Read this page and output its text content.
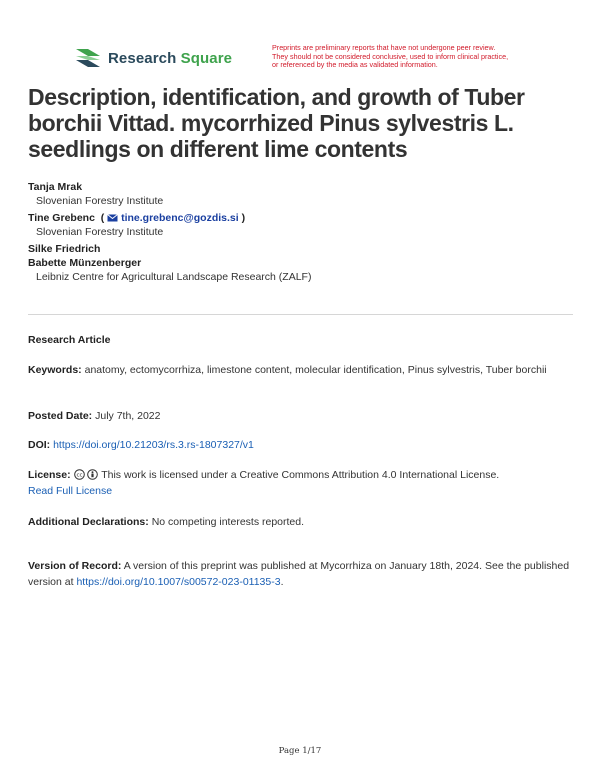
Research Square
Preprints are preliminary reports that have not undergone peer review.
They should not be considered conclusive, used to inform clinical practice,
or referenced by the media as validated information.
Description, identification, and growth of Tuber
borchii Vittad. mycorrhized Pinus sylvestris L.
seedlings on different lime contents
Tanja Mrak
Slovenian Forestry Institute
Tine Grebenc  (  tine.grebenc@gozdis.si )
Slovenian Forestry Institute
Silke Friedrich
Babette Münzenberger
Leibniz Centre for Agricultural Landscape Research (ZALF)
Research Article
Keywords: anatomy, ectomycorrhiza, limestone content, molecular identification, Pinus sylvestris, Tuber borchii
Posted Date: July 7th, 2022
DOI: https://doi.org/10.21203/rs.3.rs-1807327/v1
License: cc This work is licensed under a Creative Commons Attribution 4.0 International License.
Read Full License
Additional Declarations: No competing interests reported.
Version of Record: A version of this preprint was published at Mycorrhiza on January 18th, 2024. See the published version at https://doi.org/10.1007/s00572-023-01135-3.
Page 1/17
